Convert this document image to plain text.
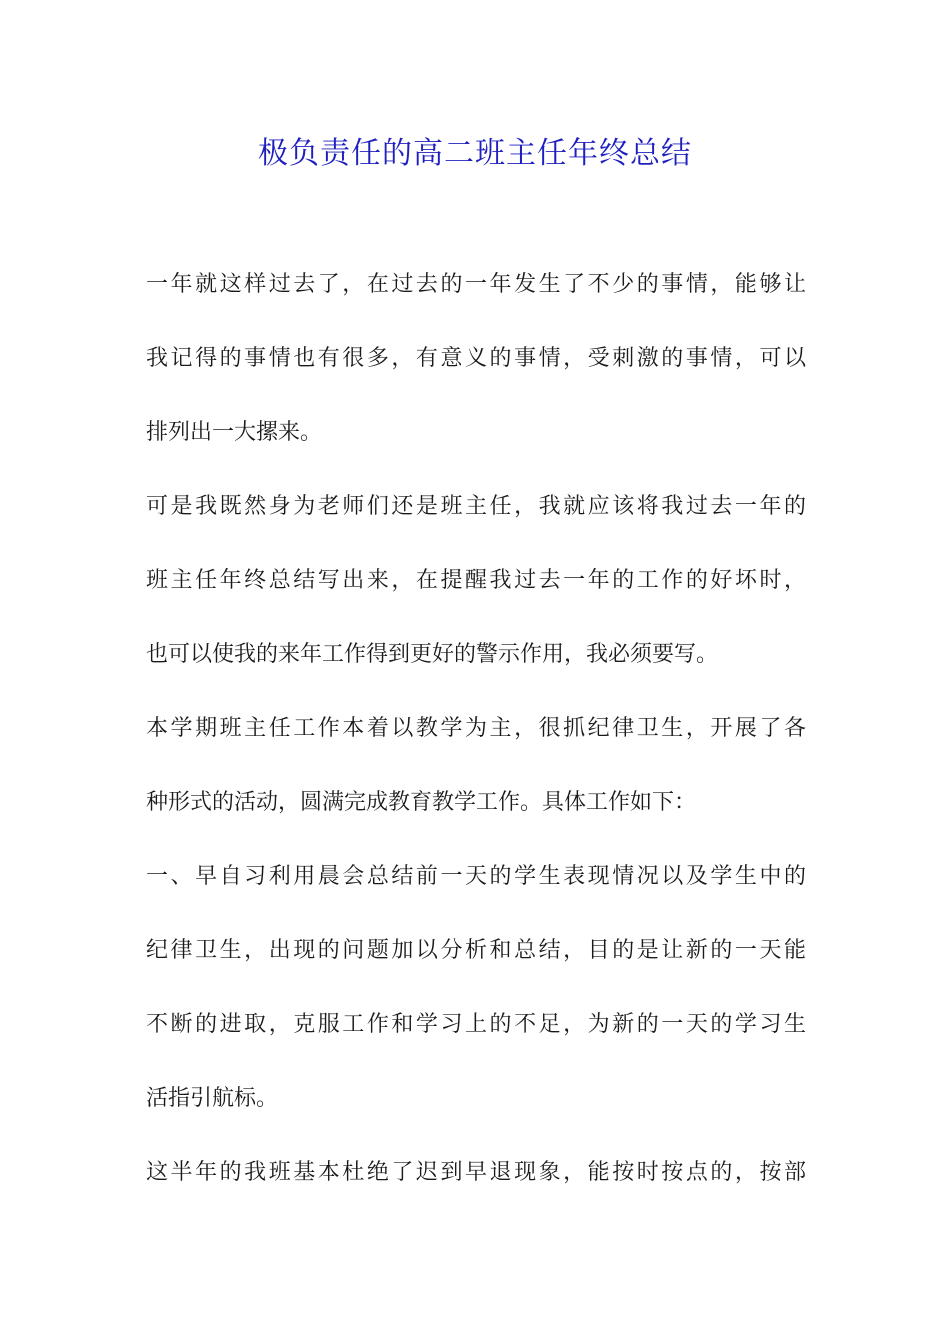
极负责任的高二班主任年终总结
一年就这样过去了，在过去的一年发生了不少的事情，能够让
我记得的事情也有很多，有意义的事情，受刺激的事情，可以
排列出一大摞来。
可是我既然身为老师们还是班主任，我就应该将我过去一年的
班主任年终总结写出来，在提醒我过去一年的工作的好坏时，
也可以使我的来年工作得到更好的警示作用，我必须要写。
本学期班主任工作本着以教学为主，很抓纪律卫生，开展了各
种形式的活动，圆满完成教育教学工作。具体工作如下：
一、早自习利用晨会总结前一天的学生表现情况以及学生中的
纪律卫生，出现的问题加以分析和总结，目的是让新的一天能
不断的进取，克服工作和学习上的不足，为新的一天的学习生
活指引航标。
这半年的我班基本杜绝了迟到早退现象，能按时按点的，按部
